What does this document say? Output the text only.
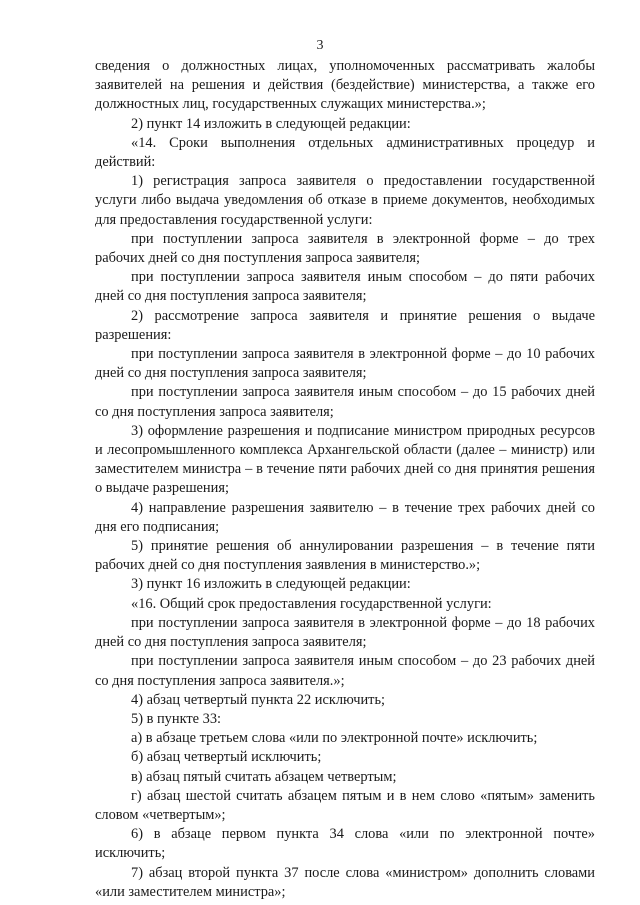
3

сведения о должностных лицах, уполномоченных рассматривать жалобы заявителей на решения и действия (бездействие) министерства, а также его должностных лиц, государственных служащих министерства.»;

2) пункт 14 изложить в следующей редакции:

«14. Сроки выполнения отдельных административных процедур и действий:

1) регистрация запроса заявителя о предоставлении государственной услуги либо выдача уведомления об отказе в приеме документов, необходимых для предоставления государственной услуги:

при поступлении запроса заявителя в электронной форме – до трех рабочих дней со дня поступления запроса заявителя;

при поступлении запроса заявителя иным способом – до пяти рабочих дней со дня поступления запроса заявителя;

2) рассмотрение запроса заявителя и принятие решения о выдаче разрешения:

при поступлении запроса заявителя в электронной форме – до 10 рабочих дней со дня поступления запроса заявителя;

при поступлении запроса заявителя иным способом – до 15 рабочих дней со дня поступления запроса заявителя;

3) оформление разрешения и подписание министром природных ресурсов и лесопромышленного комплекса Архангельской области (далее – министр) или заместителем министра – в течение пяти рабочих дней со дня принятия решения о выдаче разрешения;

4) направление разрешения заявителю – в течение трех рабочих дней со дня его подписания;

5) принятие решения об аннулировании разрешения – в течение пяти рабочих дней со дня поступления заявления в министерство.»;

3) пункт 16 изложить в следующей редакции:

«16. Общий срок предоставления государственной услуги:

при поступлении запроса заявителя в электронной форме – до 18 рабочих дней со дня поступления запроса заявителя;

при поступлении запроса заявителя иным способом – до 23 рабочих дней со дня поступления запроса заявителя.»;

4) абзац четвертый пункта 22 исключить;

5) в пункте 33:

а) в абзаце третьем слова «или по электронной почте» исключить;

б) абзац четвертый исключить;

в) абзац пятый считать абзацем четвертым;

г) абзац шестой считать абзацем пятым и в нем слово «пятым» заменить словом «четвертым»;

6) в абзаце первом пункта 34 слова «или по электронной почте» исключить;

7) абзац второй пункта 37 после слова «министром» дополнить словами «или заместителем министра»;
